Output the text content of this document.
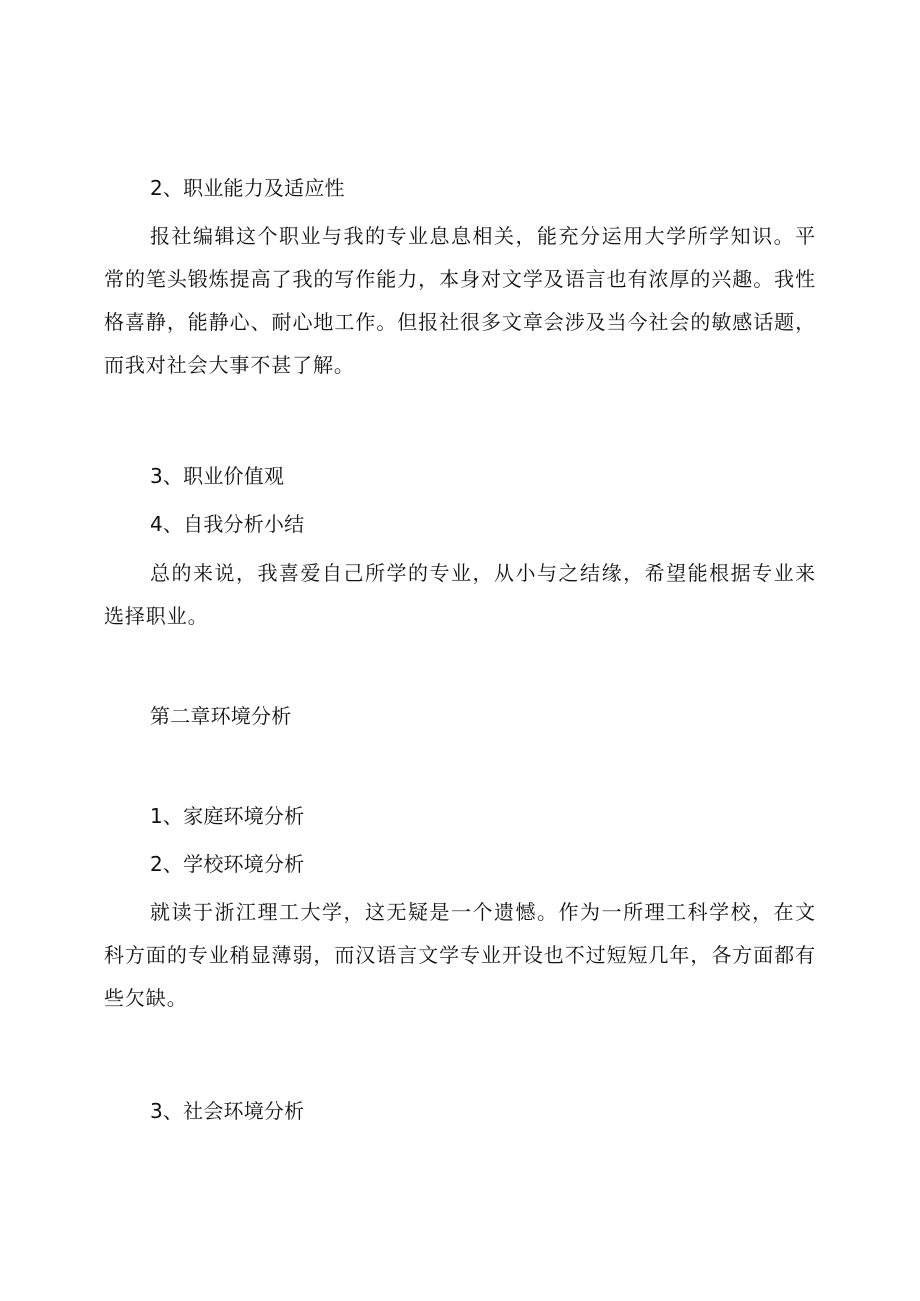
2、职业能力及适应性
报社编辑这个职业与我的专业息息相关，能充分运用大学所学知识。平常的笔头锻炼提高了我的写作能力，本身对文学及语言也有浓厚的兴趣。我性格喜静，能静心、耐心地工作。但报社很多文章会涉及当今社会的敏感话题，而我对社会大事不甚了解。
3、职业价值观
4、自我分析小结
总的来说，我喜爱自己所学的专业，从小与之结缘，希望能根据专业来选择职业。
第二章环境分析
1、家庭环境分析
2、学校环境分析
就读于浙江理工大学，这无疑是一个遗憾。作为一所理工科学校，在文科方面的专业稍显薄弱，而汉语言文学专业开设也不过短短几年，各方面都有些欠缺。
3、社会环境分析
